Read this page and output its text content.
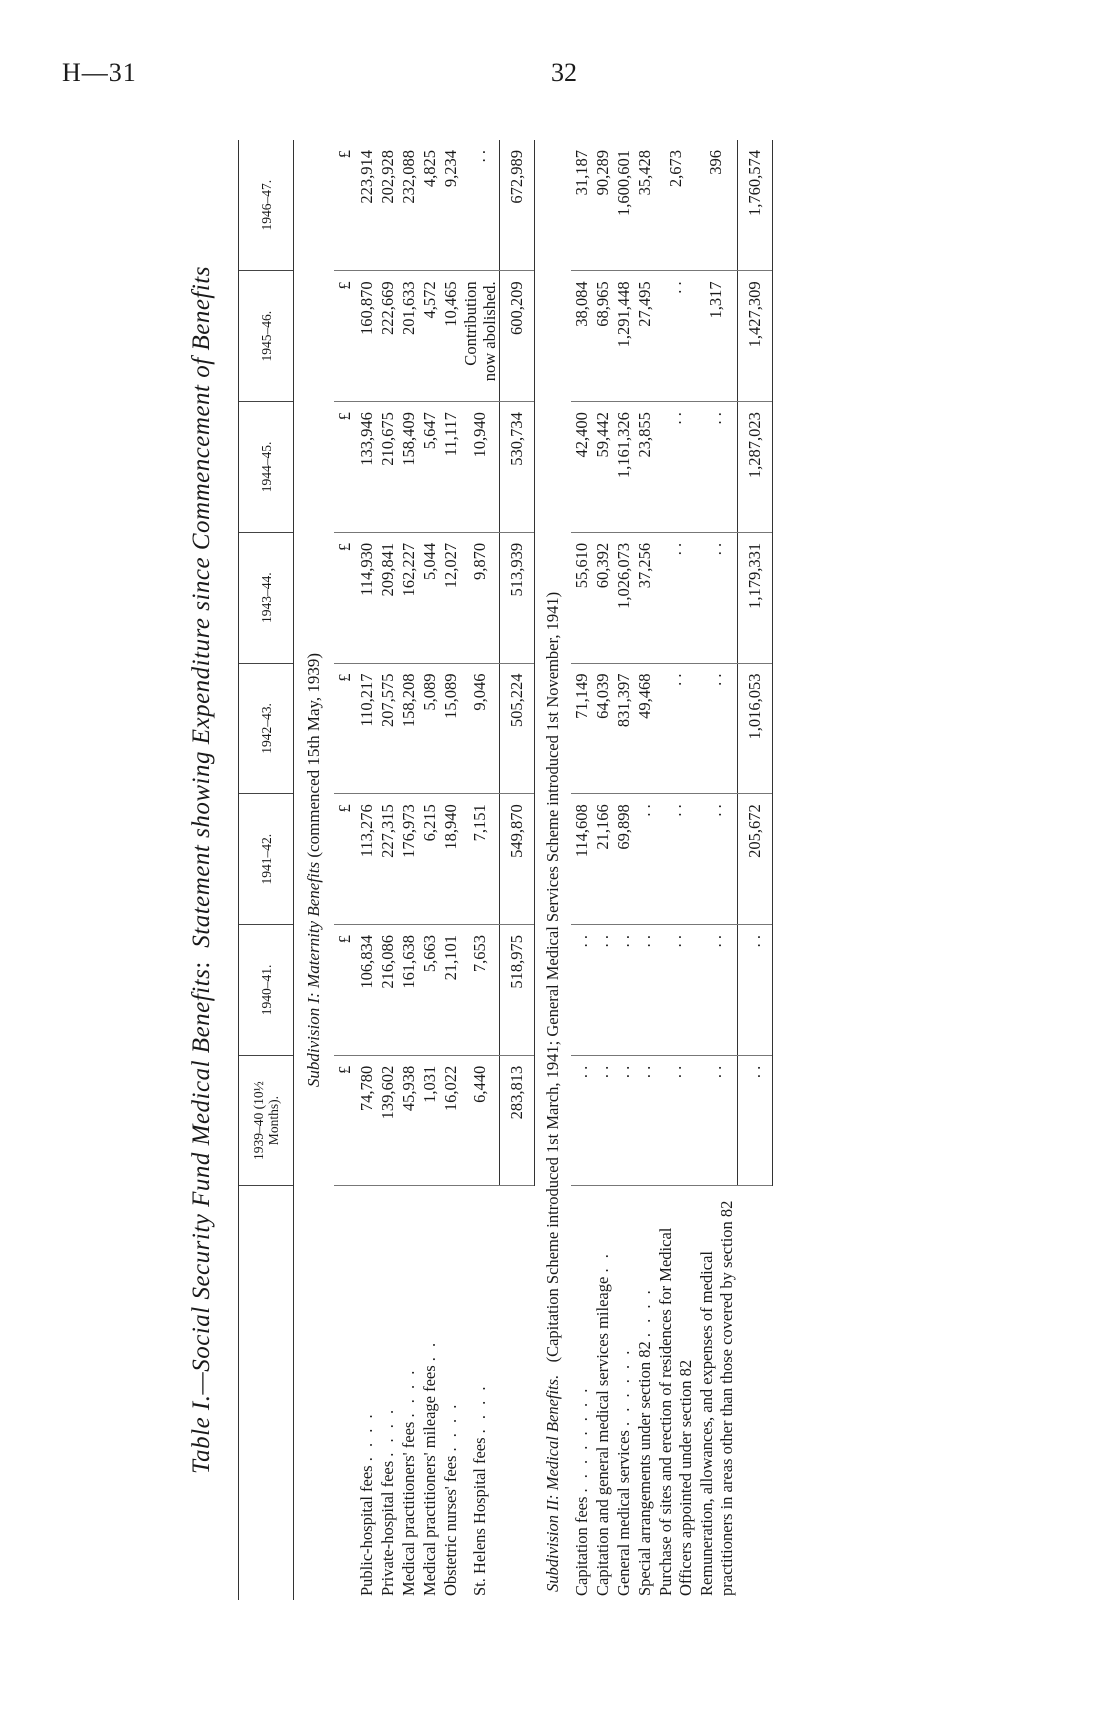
H—31	32
Table I.—Social Security Fund Medical Benefits:  Statement showing Expenditure since Commencement of Benefits
	1939–40 (10½ Months).	1940–41.	1941–42.	1942–43.	1943–44.	1944–45.	1945–46.	1946–47.
Subdivision I: Maternity Benefits (commenced 15th May, 1939)								
	£	£	£	£	£	£	£	£
Public-hospital fees . . . .	74,780	106,834	113,276	110,217	114,930	133,946	160,870	223,914
Private-hospital fees . . . .	139,602	216,086	227,315	207,575	209,841	210,675	222,669	202,928
Medical practitioners' fees . . . .	45,938	161,638	176,973	158,208	162,227	158,409	201,633	232,088
Medical practitioners' mileage fees . .	1,031	5,663	6,215	5,089	5,044	5,647	4,572	4,825
Obstetric nurses' fees . . . .	16,022	21,101	18,940	15,089	12,027	11,117	10,465	9,234
St. Helens Hospital fees . . . .	6,440	7,653	7,151	9,046	9,870	10,940	Contribution now abolished.	. .
	283,813	518,975	549,870	505,224	513,939	530,734	600,209	672,989
Subdivision II: Medical Benefits.   (Capitation Scheme introduced 1st March, 1941; General Medical Services Scheme introduced 1st November, 1941)								
Capitation fees . . . . . . . .	. .	. .	114,608	71,149	55,610	42,400	38,084	31,187
Capitation and general medical services mileage . .	. .	. .	21,166	64,039	60,392	59,442	68,965	90,289
General medical services . . . . . .	. .	. .	69,898	831,397	1,026,073	1,161,326	1,291,448	1,600,601
Special arrangements under section 82 . . . .	. .	. .	. .	49,468	37,256	23,855	27,495	35,428
Purchase of sites and erection of residences for Medical Officers appointed under section 82	. .	. .	. .	. .	. .	. .	. .	2,673
Remuneration, allowances, and expenses of medical practitioners in areas other than those covered by section 82	. .	. .	. .	. .	. .	. .	1,317	396
	. .	. .	205,672	1,016,053	1,179,331	1,287,023	1,427,309	1,760,574
